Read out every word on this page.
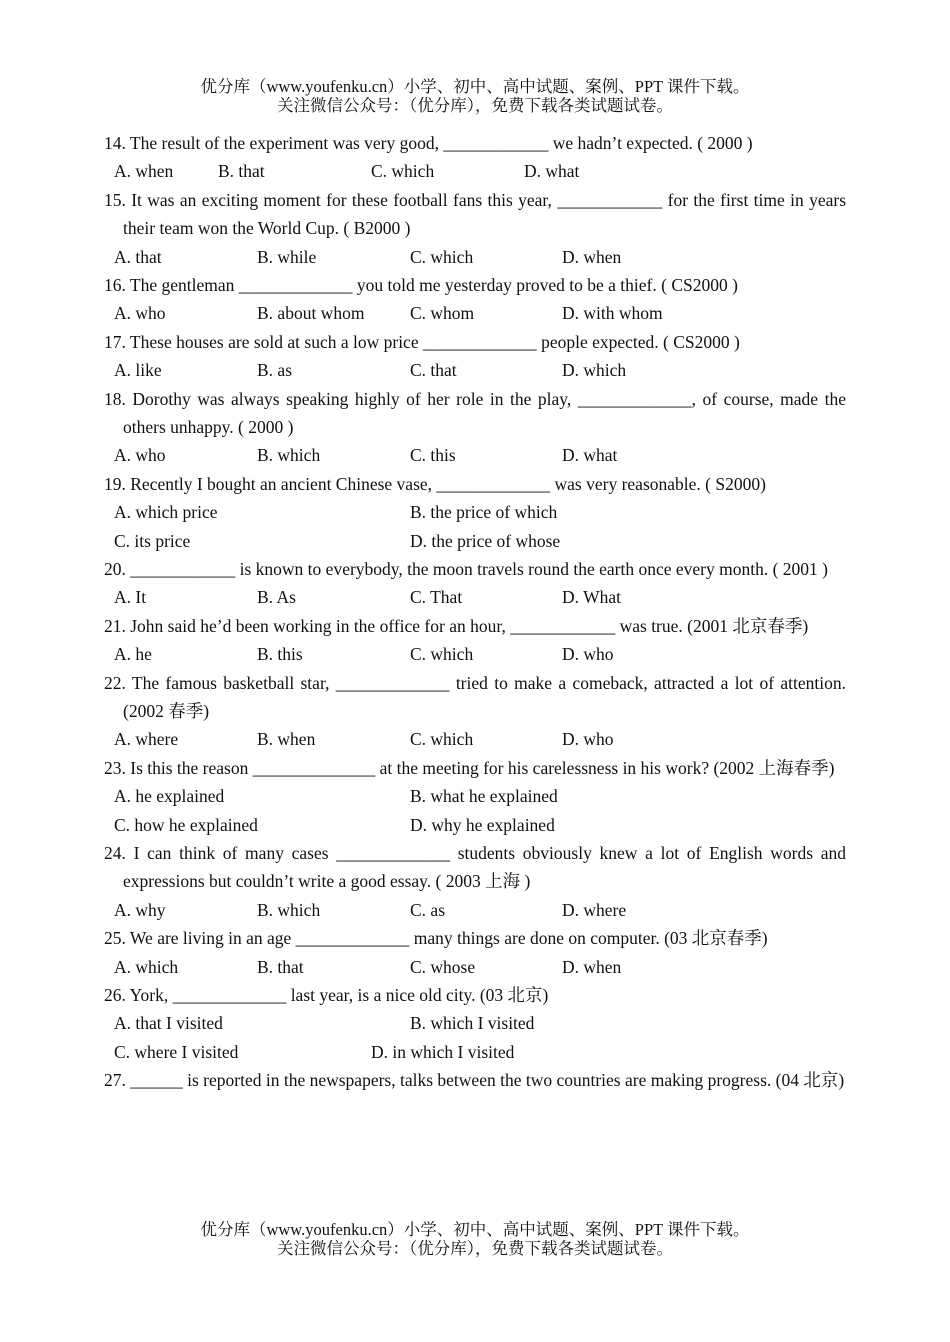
优分库（www.youfenku.cn）小学、初中、高中试题、案例、PPT 课件下载。
关注微信公众号：（优分库），免费下载各类试题试卷。
14. The result of the experiment was very good, ____________ we hadn’t expected. ( 2000 )
A. when	B. that	C. which	D. what
15. It was an exciting moment for these football fans this year, ____________ for the first time in years their team won the World Cup. ( B2000 )
A. that	B. while	C. which	D. when
16. The gentleman _____________ you told me yesterday proved to be a thief. ( CS2000 )
A. who	B. about whom	C. whom	D. with whom
17. These houses are sold at such a low price _____________ people expected. ( CS2000 )
A. like	B. as	C. that	D. which
18. Dorothy was always speaking highly of her role in the play, _____________, of course, made the others unhappy. ( 2000 )
A. who	B. which	C. this	D. what
19. Recently I bought an ancient Chinese vase, _____________ was very reasonable. ( S2000)
A. which price	B. the price of which
C. its price	D. the price of whose
20. ____________ is known to everybody, the moon travels round the earth once every month. ( 2001 )
A. It	B. As	C. That	D. What
21. John said he’d been working in the office for an hour, ____________ was true. (2001 北京春季)
A. he	B. this	C. which	D. who
22. The famous basketball star, _____________ tried to make a comeback, attracted a lot of attention. (2002 春季)
A. where	B. when	C. which	D. who
23. Is this the reason ______________ at the meeting for his carelessness in his work? (2002 上海春季)
A. he explained	B. what he explained
C. how he explained	D. why he explained
24. I can think of many cases _____________ students obviously knew a lot of English words and expressions but couldn’t write a good essay. ( 2003 上海 )
A. why	B. which	C. as	D. where
25. We are living in an age _____________ many things are done on computer. (03 北京春季)
A. which	B. that	C. whose	D. when
26. York, _____________ last year, is a nice old city. (03 北京)
A. that I visited	B. which I visited
C. where I visited	D. in which I visited
27. ______ is reported in the newspapers, talks between the two countries are making progress. (04 北京)
优分库（www.youfenku.cn）小学、初中、高中试题、案例、PPT 课件下载。
关注微信公众号：（优分库），免费下载各类试题试卷。
